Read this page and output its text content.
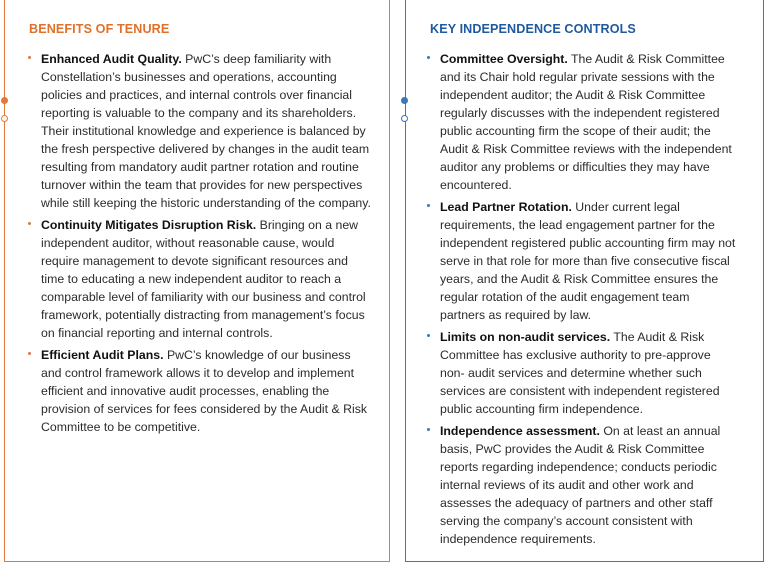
BENEFITS OF TENURE
Enhanced Audit Quality. PwC’s deep familiarity with Constellation’s businesses and operations, accounting policies and practices, and internal controls over financial reporting is valuable to the company and its shareholders. Their institutional knowledge and experience is balanced by the fresh perspective delivered by changes in the audit team resulting from mandatory audit partner rotation and routine turnover within the team that provides for new perspectives while still keeping the historic understanding of the company.
Continuity Mitigates Disruption Risk. Bringing on a new independent auditor, without reasonable cause, would require management to devote significant resources and time to educating a new independent auditor to reach a comparable level of familiarity with our business and control framework, potentially distracting from management’s focus on financial reporting and internal controls.
Efficient Audit Plans. PwC’s knowledge of our business and control framework allows it to develop and implement efficient and innovative audit processes, enabling the provision of services for fees considered by the Audit & Risk Committee to be competitive.
KEY INDEPENDENCE CONTROLS
Committee Oversight. The Audit & Risk Committee and its Chair hold regular private sessions with the independent auditor; the Audit & Risk Committee regularly discusses with the independent registered public accounting firm the scope of their audit; the Audit & Risk Committee reviews with the independent auditor any problems or difficulties they may have encountered.
Lead Partner Rotation. Under current legal requirements, the lead engagement partner for the independent registered public accounting firm may not serve in that role for more than five consecutive fiscal years, and the Audit & Risk Committee ensures the regular rotation of the audit engagement team partners as required by law.
Limits on non-audit services. The Audit & Risk Committee has exclusive authority to pre-approve non- audit services and determine whether such services are consistent with independent registered public accounting firm independence.
Independence assessment. On at least an annual basis, PwC provides the Audit & Risk Committee reports regarding independence; conducts periodic internal reviews of its audit and other work and assesses the adequacy of partners and other staff serving the company’s account consistent with independence requirements.
